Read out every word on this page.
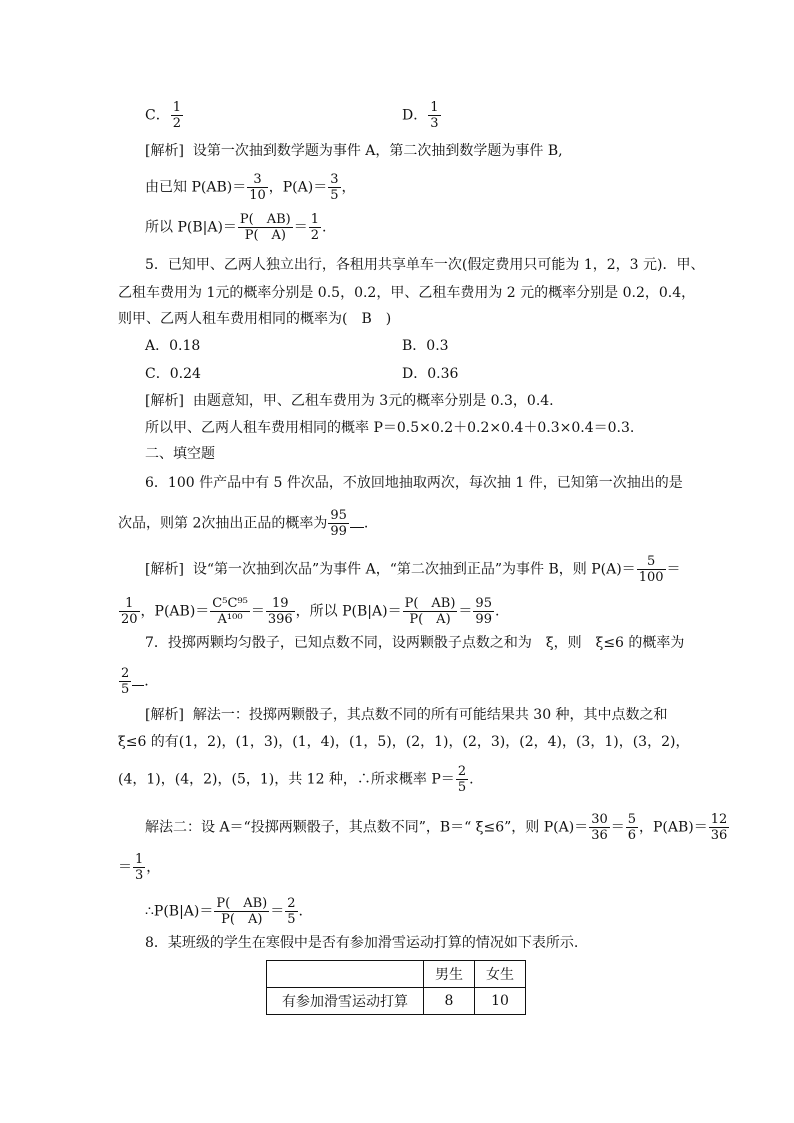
C． $\frac{1}{2}$	D． $\frac{1}{3}$
[解析] 设第一次抽到数学题为事件 A，第二次抽到数学题为事件 B,
由已知 $P(AB)= \frac{3}{10}$ ，$P(A)= \frac{3}{5}$ ，
所以 $P(B|A)= \frac{P( AB)}{P( A)} = \frac{1}{2}$ .
5．已知甲、乙两人独立出行，各租用共享单车一次(假定费用只可能为 1，2，3 元)．甲、
乙租车费用为 1元的概率分别是 0.5，0.2，甲、乙租车费用为 2 元的概率分别是 0.2，0.4，
则甲、乙两人租车费用相同的概率为(　B　)
A．0.18	B．0.3
C．0.24	D．0.36
[解析] 由题意知，甲、乙租车费用为 3元的概率分别是 0.3，0.4.
所以甲、乙两人租车费用相同的概率 P＝0.5×0.2＋0.2×0.4＋0.3×0.4＝0.3.
二、填空题
6．100 件产品中有 5 件次品，不放回地抽取两次，每次抽 1 件，已知第一次抽出的是
次品，则第 2次抽出正品的概率为 $\frac{95}{99}$ .
[解析] 设“第一次抽到次品”为事件 A，“第二次抽到正品”为事件 B，则 $P(A)= \frac{5}{100}$ ＝
$\frac{1}{20}$ ，$P(AB)= \frac{\text{C⁵C⁹⁵}}{\text{A¹⁰⁰}} = \frac{19}{396}$ ，所以 $P(B|A)= \frac{P( AB)}{P( A)} = \frac{95}{99}$ .
7．投掷两颗均匀骰子，已知点数不同，设两颗骰子点数之和为　ξ，则　ξ≤6 的概率为
$\frac{2}{5}$ .
[解析] 解法一：投掷两颗骰子，其点数不同的所有可能结果共 30 种，其中点数之和
ξ≤6 的有(1，2)，(1，3)，(1，4)，(1，5)，(2，1)，(2，3)，(2，4)，(3，1)，(3，2)，
(4，1)，(4，2)，(5，1)，共 12 种，∴所求概率 $P= \frac{2}{5}$ .
解法二：设 A＝“投掷两颗骰子，其点数不同”，B＝“ ξ≤6”，则 $P(A)= \frac{30}{36} = \frac{5}{6}$ ，$P(AB)= \frac{12}{36}$
＝ $\frac{1}{3}$ ，
∴P(B|A)＝ $\frac{P( AB)}{P( A)} = \frac{2}{5}$ .
8．某班级的学生在寒假中是否有参加滑雪运动打算的情况如下表所示.
	男生	女生
有参加滑雪运动打算	8	10
